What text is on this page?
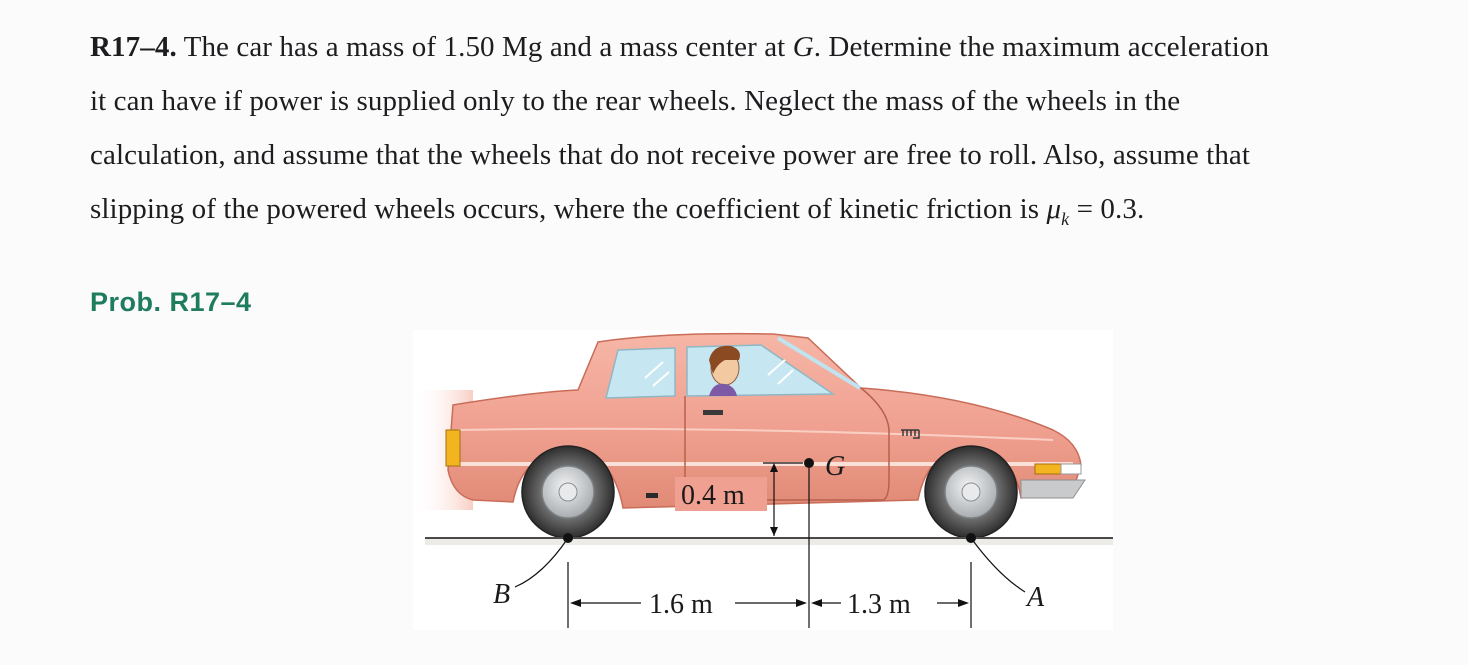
R17–4. The car has a mass of 1.50 Mg and a mass center at G. Determine the maximum acceleration
it can have if power is supplied only to the rear wheels. Neglect the mass of the wheels in the
calculation, and assume that the wheels that do not receive power are free to roll. Also, assume that
slipping of the powered wheels occurs, where the coefficient of kinetic friction is $\mu_k = 0.3$.
Prob. R17–4
G
0.4 m
1.6 m	1.3 m
B	A
